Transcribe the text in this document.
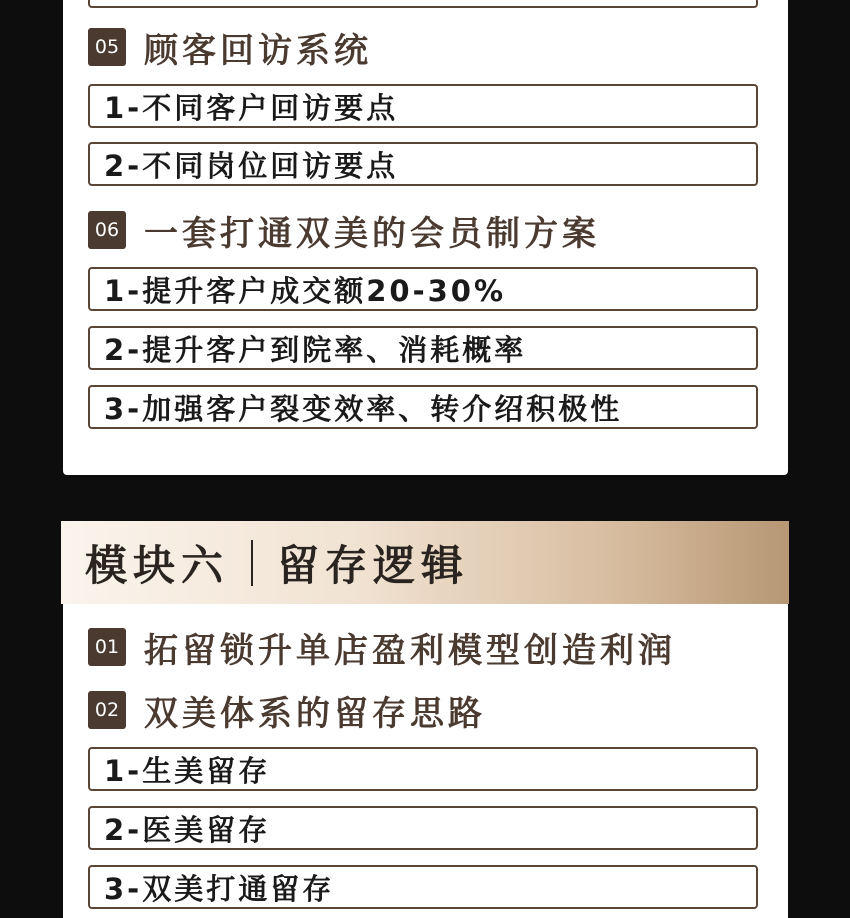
05 顾客回访系统
1-不同客户回访要点
2-不同岗位回访要点
06 一套打通双美的会员制方案
1-提升客户成交额20-30%
2-提升客户到院率、消耗概率
3-加强客户裂变效率、转介绍积极性
模块六 留存逻辑
01 拓留锁升单店盈利模型创造利润
02 双美体系的留存思路
1-生美留存
2-医美留存
3-双美打通留存
